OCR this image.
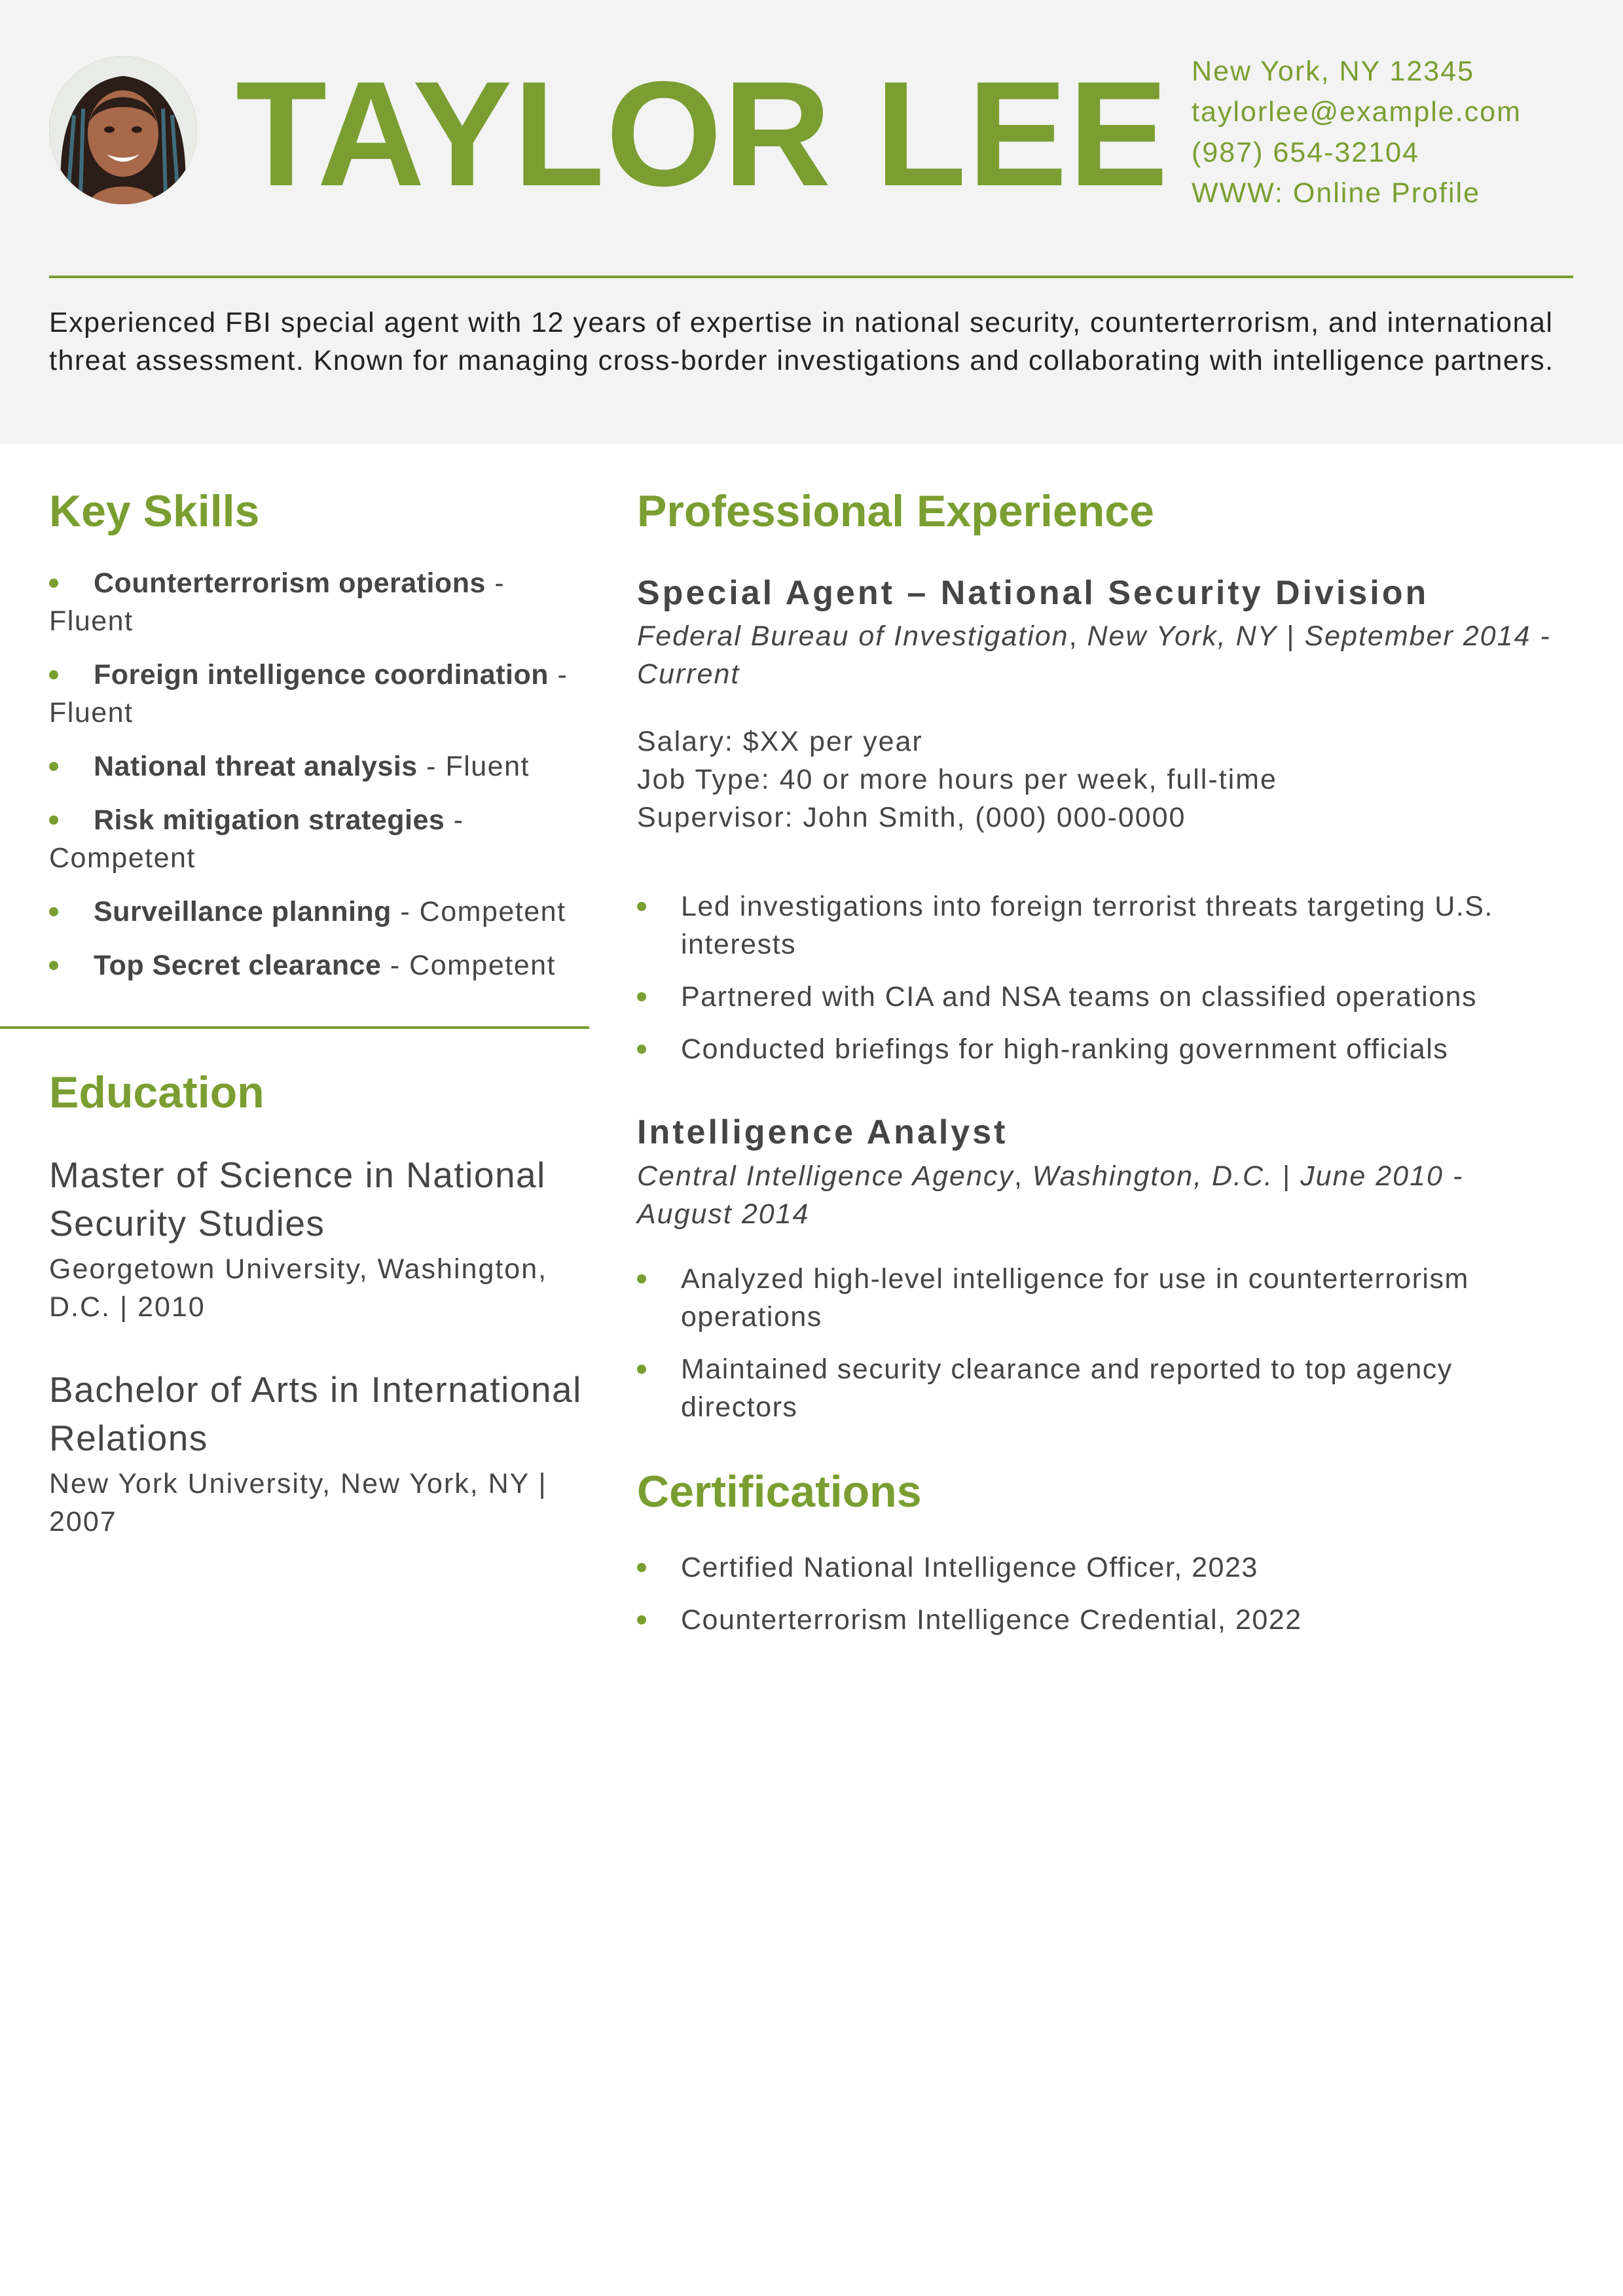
TAYLOR LEE New York, NY 12345
taylorlee@example.com
(987) 654-32104
WWW: Online Profile
Experienced FBI special agent with 12 years of expertise in national security, counterterrorism, and international threat assessment. Known for managing cross-border investigations and collaborating with intelligence partners.
Key Skills
Counterterrorism operations - Fluent
Foreign intelligence coordination - Fluent
National threat analysis - Fluent
Risk mitigation strategies - Competent
Surveillance planning - Competent
Top Secret clearance - Competent
Education
Master of Science in National Security Studies
Georgetown University, Washington, D.C. | 2010
Bachelor of Arts in International Relations
New York University, New York, NY | 2007
Professional Experience
Special Agent – National Security Division
Federal Bureau of Investigation, New York, NY | September 2014 - Current
Salary: $XX per year
Job Type: 40 or more hours per week, full-time
Supervisor: John Smith, (000) 000-0000
Led investigations into foreign terrorist threats targeting U.S. interests
Partnered with CIA and NSA teams on classified operations
Conducted briefings for high-ranking government officials
Intelligence Analyst
Central Intelligence Agency, Washington, D.C. | June 2010 - August 2014
Analyzed high-level intelligence for use in counterterrorism operations
Maintained security clearance and reported to top agency directors
Certifications
Certified National Intelligence Officer, 2023
Counterterrorism Intelligence Credential, 2022
